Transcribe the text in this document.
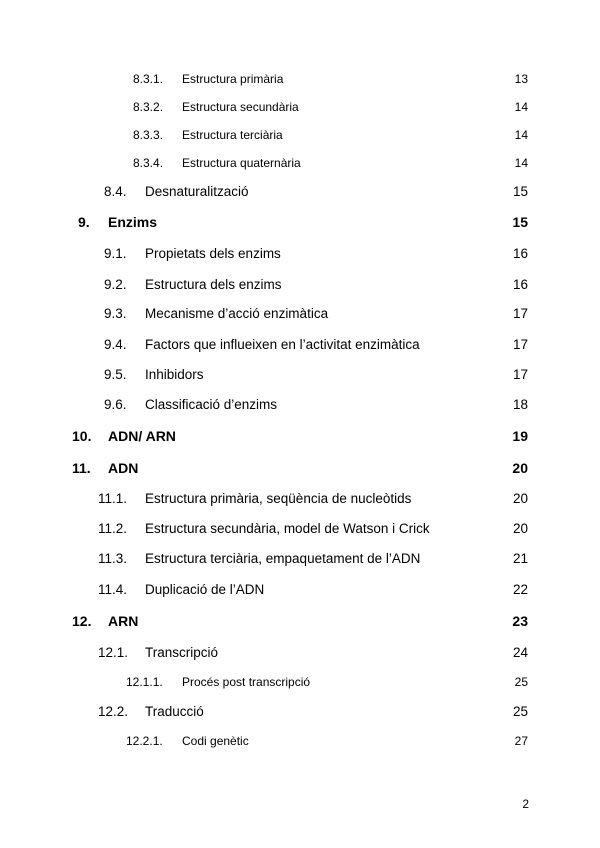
8.3.1. Estructura primària	13
8.3.2. Estructura secundària	14
8.3.3. Estructura terciària	14
8.3.4. Estructura quaternària	14
8.4. Desnaturalització	15
9. Enzims	15
9.1. Propietats dels enzims	16
9.2. Estructura dels enzims	16
9.3. Mecanisme d’acció enzimàtica	17
9.4. Factors que influeixen en l’activitat enzimàtica	17
9.5. Inhibidors	17
9.6. Classificació d’enzims	18
10. ADN/ ARN	19
11. ADN	20
11.1. Estructura primària, seqüència de nucleòtids	20
11.2. Estructura secundària, model de Watson i Crick	20
11.3. Estructura terciària, empaquetament de l’ADN	21
11.4. Duplicació de l’ADN	22
12. ARN	23
12.1. Transcripció	24
12.1.1. Procés post transcripció	25
12.2. Traducció	25
12.2.1. Codi genètic	27
2
